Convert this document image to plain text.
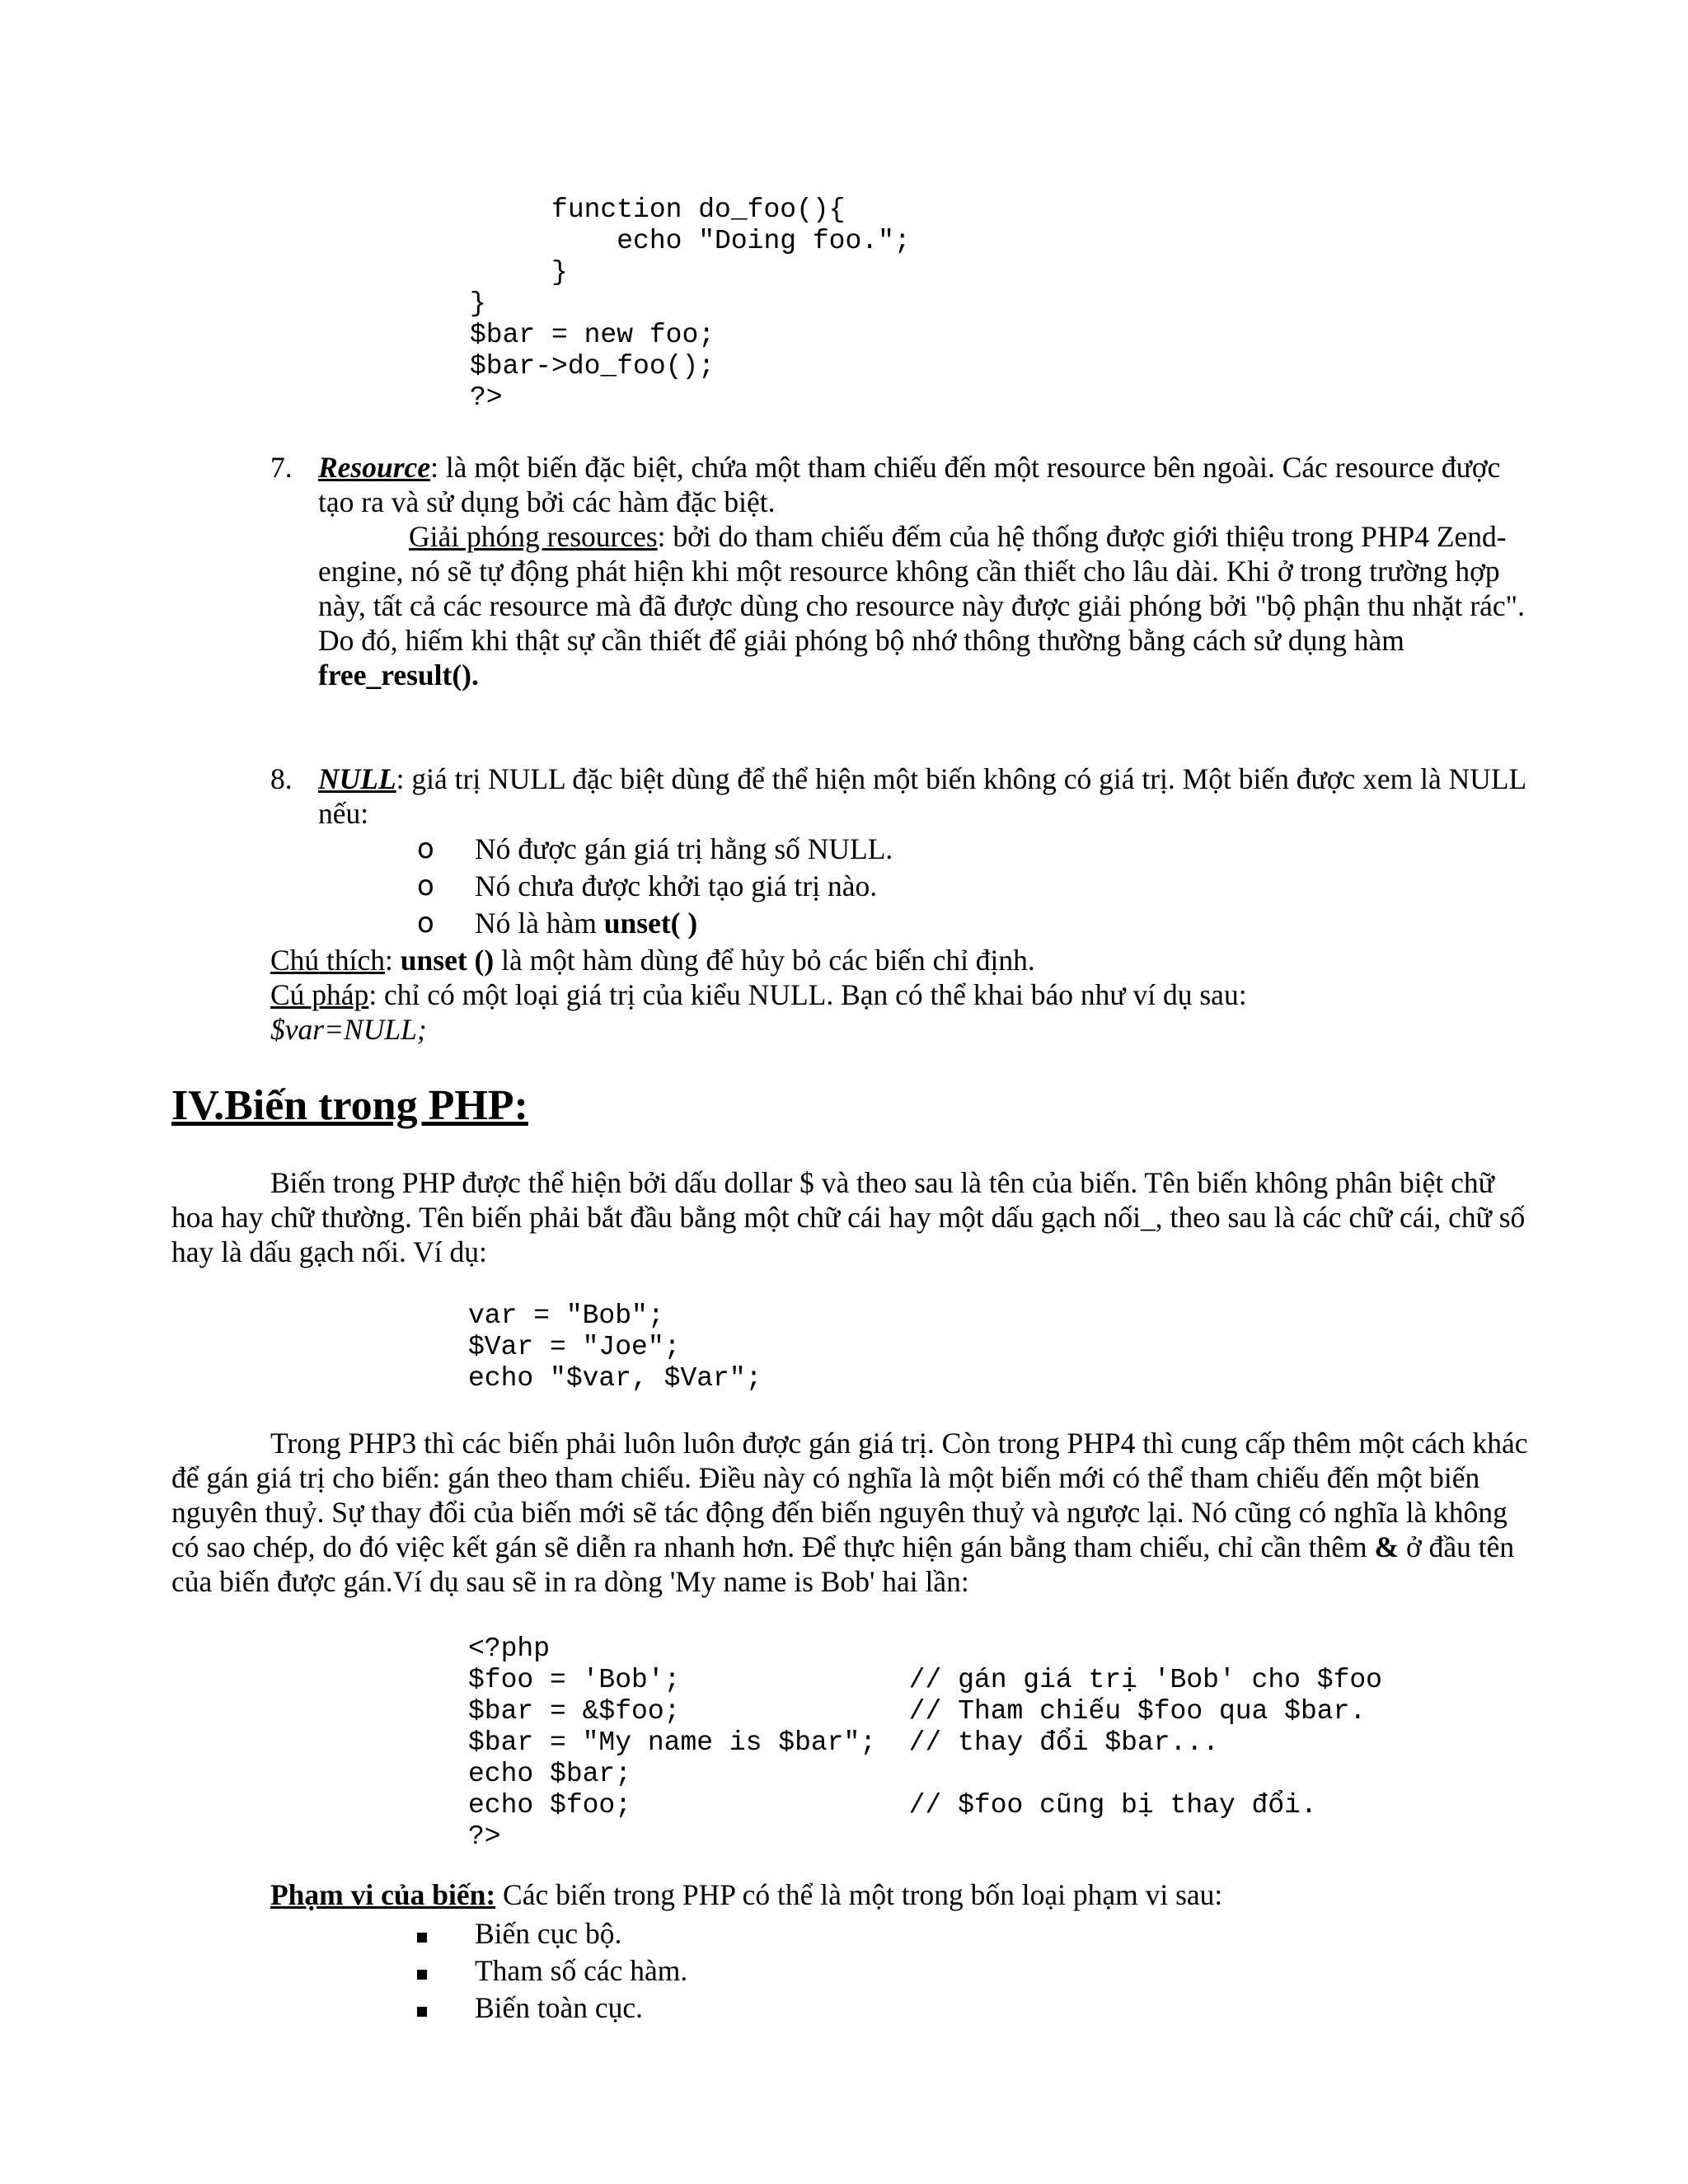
function do_foo(){
echo "Doing foo.";
}
}
$bar = new foo;
$bar->do_foo();
?>
7. Resource: là một biến đặc biệt, chứa một tham chiếu đến một resource bên ngoài. Các resource được tạo ra và sử dụng bởi các hàm đặc biệt.
Giải phóng resources: bởi do tham chiếu đếm của hệ thống được giới thiệu trong PHP4 Zend-engine, nó sẽ tự động phát hiện khi một resource không cần thiết cho lâu dài. Khi ở trong trường hợp này, tất cả các resource mà đã được dùng cho resource này được giải phóng bởi "bộ phận thu nhặt rác". Do đó, hiếm khi thật sự cần thiết để giải phóng bộ nhớ thông thường bằng cách sử dụng hàm free_result().
8. NULL: giá trị NULL đặc biệt dùng để thể hiện một biến không có giá trị. Một biến được xem là NULL nếu:
o Nó được gán giá trị hằng số NULL.
o Nó chưa được khởi tạo giá trị nào.
o Nó là hàm unset( )
Chú thích: unset () là một hàm dùng để hủy bỏ các biến chỉ định.
Cú pháp: chỉ có một loại giá trị của kiểu NULL. Bạn có thể khai báo như ví dụ sau:
$var=NULL;
IV.Biến trong PHP:
Biến trong PHP được thể hiện bởi dấu dollar $ và theo sau là tên của biến. Tên biến không phân biệt chữ hoa hay chữ thường. Tên biến phải bắt đầu bằng một chữ cái hay một dấu gạch nối_, theo sau là các chữ cái, chữ số hay là dấu gạch nối. Ví dụ:
var = "Bob";
$Var = "Joe";
echo "$var, $Var";
Trong PHP3 thì các biến phải luôn luôn được gán giá trị. Còn trong PHP4 thì cung cấp thêm một cách khác để gán giá trị cho biến: gán theo tham chiếu. Điều này có nghĩa là một biến mới có thể tham chiếu đến một biến nguyên thuỷ. Sự thay đổi của biến mới sẽ tác động đến biến nguyên thuỷ và ngược lại. Nó cũng có nghĩa là không có sao chép, do đó việc kết gán sẽ diễn ra nhanh hơn. Để thực hiện gán bằng tham chiếu, chỉ cần thêm & ở đầu tên của biến được gán.Ví dụ sau sẽ in ra dòng 'My name is Bob' hai lần:
<?php
$foo = 'Bob';              // gán giá trị 'Bob' cho $foo
$bar = &$foo;              // Tham chiếu $foo qua $bar.
$bar = "My name is $bar";  // thay đổi $bar...
echo $bar;
echo $foo;                 // $foo cũng bị thay đổi.
?>
Phạm vi của biến: Các biến trong PHP có thể là một trong bốn loại phạm vi sau:
Biến cục bộ.
Tham số các hàm.
Biến toàn cục.
